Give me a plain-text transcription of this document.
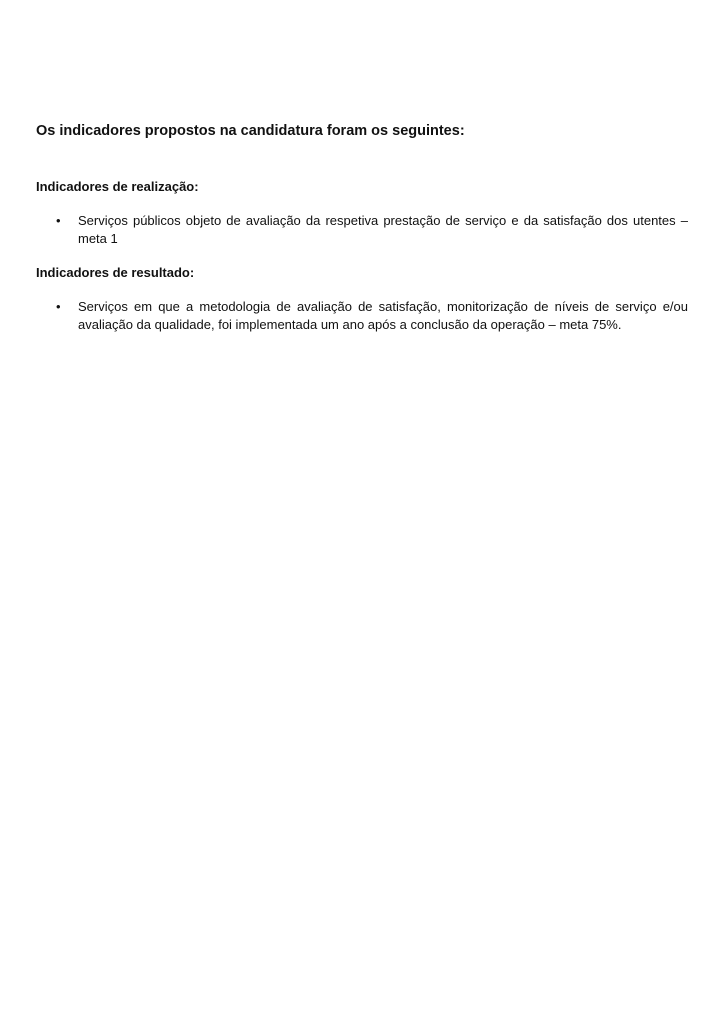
Os indicadores propostos na candidatura foram os seguintes:
Indicadores de realização:
• Serviços públicos objeto de avaliação da respetiva prestação de serviço e da satisfação dos utentes – meta 1
Indicadores de resultado:
• Serviços em que a metodologia de avaliação de satisfação, monitorização de níveis de serviço e/ou avaliação da qualidade, foi implementada um ano após a conclusão da operação – meta 75%.
